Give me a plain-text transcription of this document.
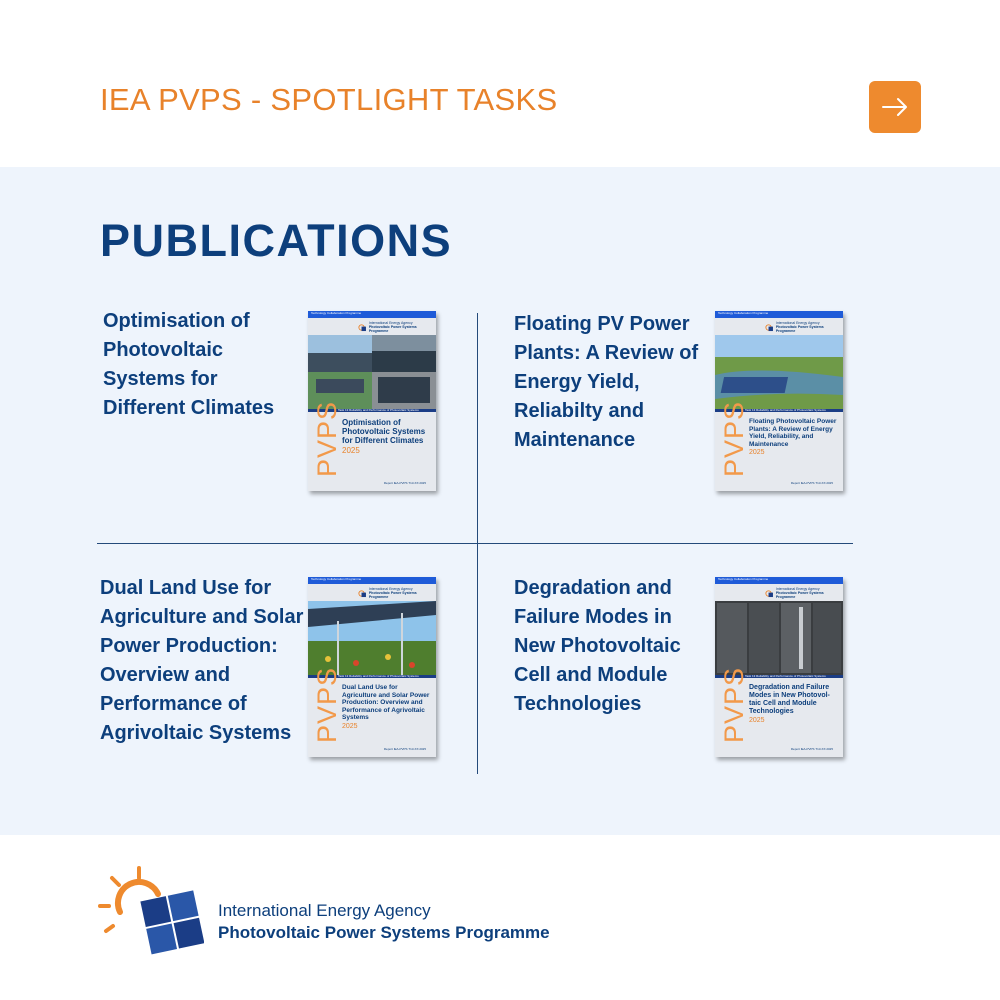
IEA PVPS - SPOTLIGHT TASKS
PUBLICATIONS
Optimisation of Photovoltaic Systems for Different Climates
Technology Collaboration Programme
International Energy Agency
Photovoltaic Power Systems Programme
Task 13 Reliability and Performance of Photovoltaic Systems
PVPS Optimisation of Photovoltaic Systems for Different Climates
2025
Report IEA-PVPS T13-XX:2025
Floating PV Power Plants: A Review of Energy Yield, Reliabilty and Maintenance
Technology Collaboration Programme
International Energy Agency
Photovoltaic Power Systems Programme
Task 13 Reliability and Performance of Photovoltaic Systems
PVPS Floating Photovoltaic Power Plants: A Review of Energy Yield, Reliability, and Maintenance
2025
Report IEA-PVPS T13-XX:2025
Dual Land Use for Agriculture and Solar Power Production: Overview and Performance of Agrivoltaic Systems
Technology Collaboration Programme
International Energy Agency
Photovoltaic Power Systems Programme
Task 13 Reliability and Performance of Photovoltaic Systems
PVPS Dual Land Use for Agriculture and Solar Power Production: Overview and Performance of Agrivoltaic Systems
2025
Report IEA-PVPS T13-XX:2025
Degradation and Failure Modes in New Photovoltaic Cell and Module Technologies
Technology Collaboration Programme
International Energy Agency
Photovoltaic Power Systems Programme
Task 13 Reliability and Performance of Photovoltaic Systems
PVPS Degradation and Failure Modes in New Photovol-taic Cell and Module Technologies
2025
Report IEA-PVPS T13-XX:2025
International Energy Agency
Photovoltaic Power Systems Programme
